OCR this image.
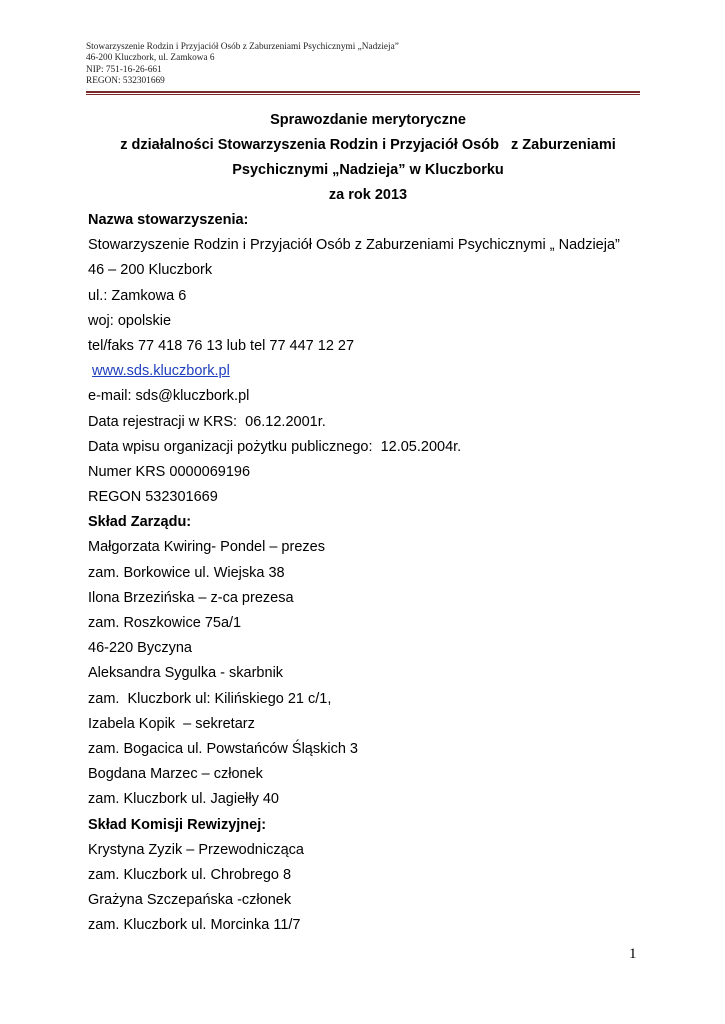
Stowarzyszenie Rodzin i Przyjaciół Osób z Zaburzeniami Psychicznymi „Nadzieja”
46-200 Kluczbork, ul. Zamkowa 6
NIP: 751-16-26-661
REGON: 532301669
Sprawozdanie merytoryczne
z działalności Stowarzyszenia Rodzin i Przyjaciół Osób   z Zaburzeniami
Psychicznymi „Nadzieja” w Kluczborku
za rok 2013
Nazwa stowarzyszenia:
Stowarzyszenie Rodzin i Przyjaciół Osób z Zaburzeniami Psychicznymi „ Nadzieja”
46 – 200 Kluczbork
ul.: Zamkowa 6
woj: opolskie
tel/faks 77 418 76 13 lub tel 77 447 12 27
www.sds.kluczbork.pl
e-mail: sds@kluczbork.pl
Data rejestracji w KRS:  06.12.2001r.
Data wpisu organizacji pożytku publicznego:  12.05.2004r.
Numer KRS 0000069196
REGON 532301669
Skład Zarządu:
Małgorzata Kwiring- Pondel – prezes
zam. Borkowice ul. Wiejska 38
Ilona Brzezińska – z-ca prezesa
zam. Roszkowice 75a/1
46-220 Byczyna
Aleksandra Sygulka - skarbnik
zam.  Kluczbork ul: Kilińskiego 21 c/1,
Izabela Kopik  – sekretarz
zam. Bogacica ul. Powstańców Śląskich 3
Bogdana Marzec – członek
zam. Kluczbork ul. Jagiełły 40
Skład Komisji Rewizyjnej:
Krystyna Zyzik – Przewodnicząca
zam. Kluczbork ul. Chrobrego 8
Grażyna Szczepańska -członek
zam. Kluczbork ul. Morcinka 11/7
1
